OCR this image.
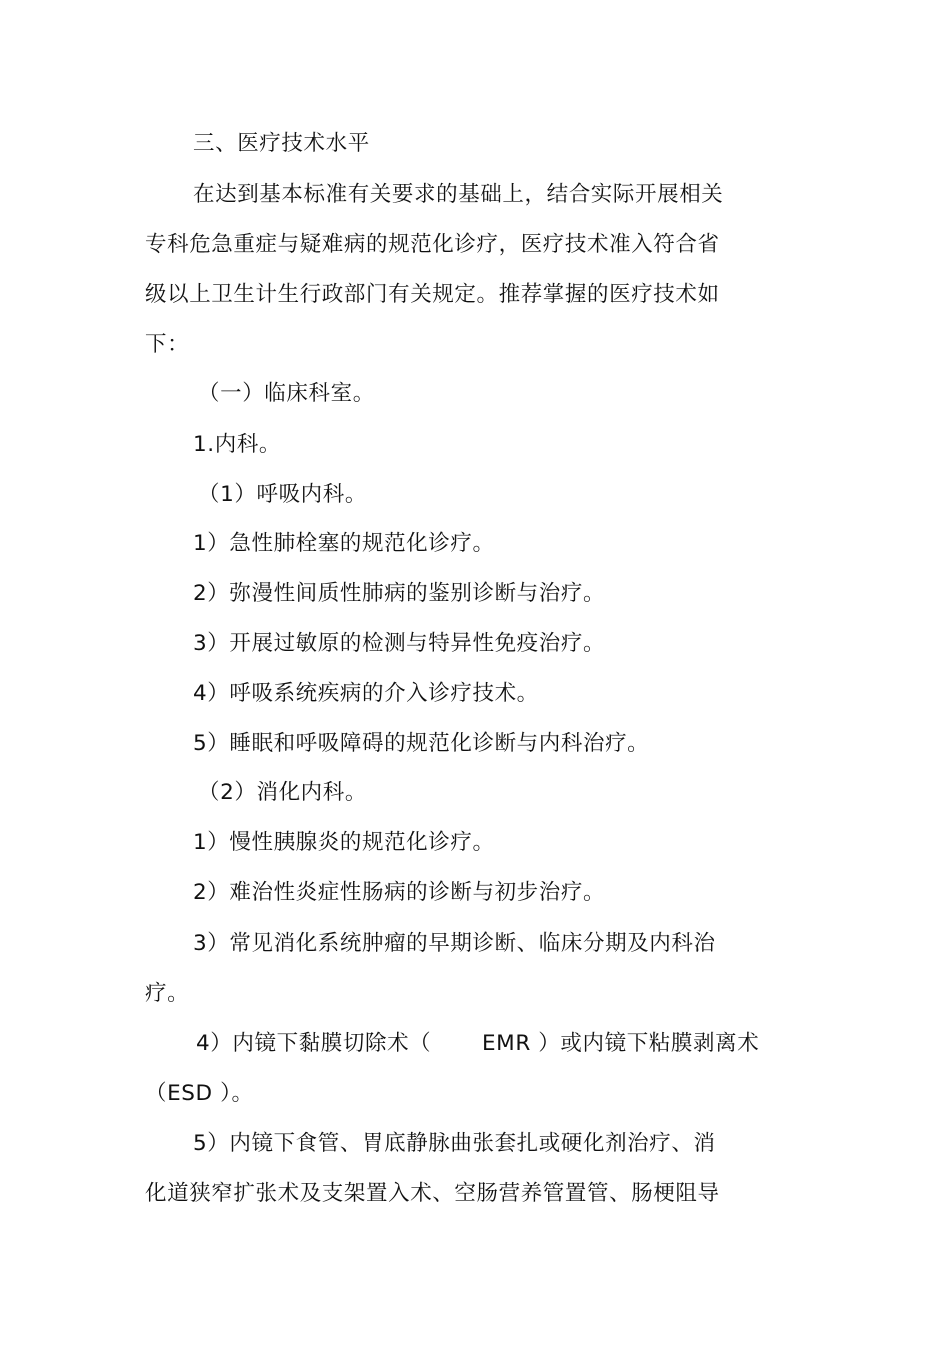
三、医疗技术水平
在达到基本标准有关要求的基础上，结合实际开展相关
专科危急重症与疑难病的规范化诊疗，医疗技术准入符合省
级以上卫生计生行政部门有关规定。推荐掌握的医疗技术如
下：
（一）临床科室。
1.内科。
（1）呼吸内科。
1）急性肺栓塞的规范化诊疗。
2）弥漫性间质性肺病的鉴别诊断与治疗。
3）开展过敏原的检测与特异性免疫治疗。
4）呼吸系统疾病的介入诊疗技术。
5）睡眠和呼吸障碍的规范化诊断与内科治疗。
（2）消化内科。
1）慢性胰腺炎的规范化诊疗。
2）难治性炎症性肠病的诊断与初步治疗。
3）常见消化系统肿瘤的早期诊断、临床分期及内科治
疗。
4）内镜下黏膜切除术（ EMR ）或内镜下粘膜剥离术
（ESD ）。
5）内镜下食管、胃底静脉曲张套扎或硬化剂治疗、消
化道狭窄扩张术及支架置入术、空肠营养管置管、肠梗阻导
